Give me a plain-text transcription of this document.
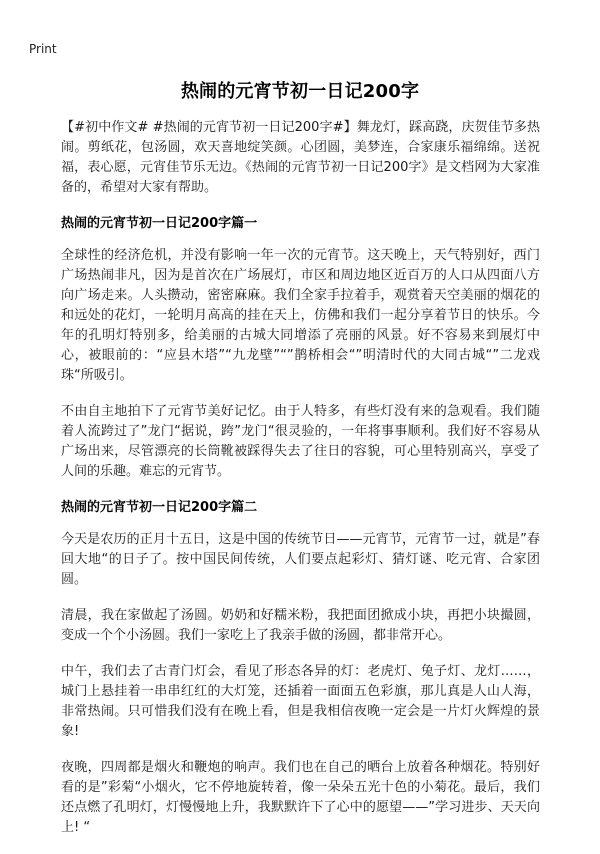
Print
热闹的元宵节初一日记200字

【#初中作文# #热闹的元宵节初一日记200字#】舞龙灯，踩高跷，庆贺佳节多热闹。剪纸花，包汤圆，欢天喜地绽笑颜。心团圆，美梦连，合家康乐福绵绵。送祝福，表心愿，元宵佳节乐无边。《热闹的元宵节初一日记200字》是文档网为大家准备的，希望对大家有帮助。

热闹的元宵节初一日记200字篇一

全球性的经济危机，并没有影响一年一次的元宵节。这天晚上，天气特别好，西门广场热闹非凡，因为是首次在广场展灯，市区和周边地区近百万的人口从四面八方向广场走来。人头攒动，密密麻麻。我们全家手拉着手，观赏着天空美丽的烟花的和远处的花灯，一轮明月高高的挂在天上，仿佛和我们一起分享着节日的快乐。今年的孔明灯特别多，给美丽的古城大同增添了亮丽的风景。好不容易来到展灯中心，被眼前的：“应县木塔”“九龙壁”“”鹊桥相会“”明清时代的大同古城“”二龙戏珠“所吸引。

不由自主地拍下了元宵节美好记忆。由于人特多，有些灯没有来的急观看。我们随着人流跨过了”龙门“据说，跨”龙门“很灵验的，一年将事事顺利。我们好不容易从广场出来，尽管漂亮的长筒靴被踩得失去了往日的容貌，可心里特别高兴，享受了人间的乐趣。难忘的元宵节。

热闹的元宵节初一日记200字篇二

今天是农历的正月十五日，这是中国的传统节日——元宵节，元宵节一过，就是”春回大地“的日子了。按中国民间传统，人们要点起彩灯、猜灯谜、吃元宵、合家团圆。

清晨，我在家做起了汤圆。奶奶和好糯米粉，我把面团掀成小块，再把小块撮圆，变成一个个小汤圆。我们一家吃上了我亲手做的汤圆，都非常开心。

中午，我们去了古青门灯会，看见了形态各异的灯：老虎灯、兔子灯、龙灯……，城门上悬挂着一串串红红的大灯笼，还插着一面面五色彩旗，那儿真是人山人海，非常热闹。只可惜我们没有在晚上看，但是我相信夜晚一定会是一片灯火辉煌的景象!

夜晚，四周都是烟火和鞭炮的响声。我们也在自己的晒台上放着各种烟花。特别好看的是”彩菊“小烟火，它不停地旋转着，像一朵朵五光十色的小菊花。最后，我们还点燃了孔明灯，灯慢慢地上升，我默默许下了心中的愿望——”学习进步、天天向上! “
